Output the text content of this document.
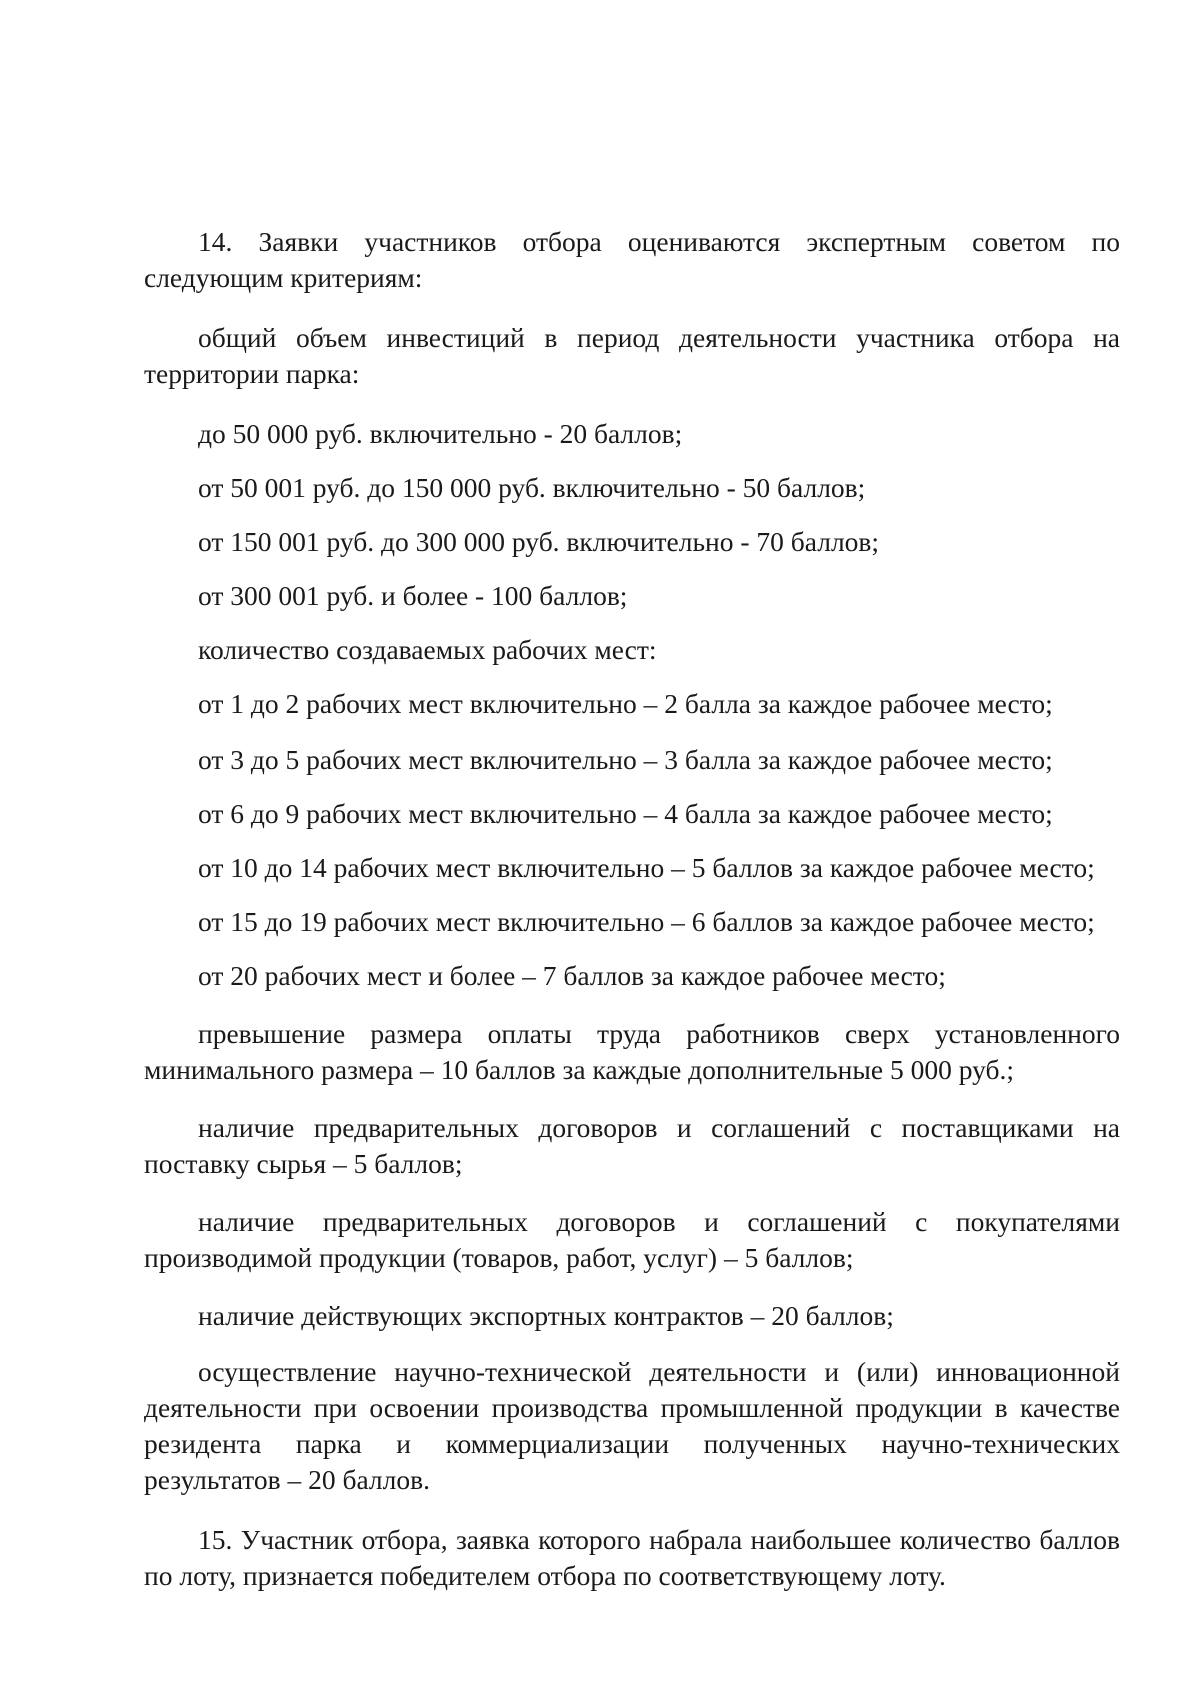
14. Заявки участников отбора оцениваются экспертным советом по следующим критериям:

общий объем инвестиций в период деятельности участника отбора на территории парка:

до 50 000 руб. включительно - 20 баллов;

от 50 001 руб. до 150 000 руб. включительно - 50 баллов;

от 150 001 руб. до 300 000 руб. включительно - 70 баллов;

от 300 001 руб. и более - 100 баллов;

количество создаваемых рабочих мест:

от 1 до 2 рабочих мест включительно – 2 балла за каждое рабочее место;

от 3 до 5 рабочих мест включительно – 3 балла за каждое рабочее место;

от 6 до 9 рабочих мест включительно – 4 балла за каждое рабочее место;

от 10 до 14 рабочих мест включительно – 5 баллов за каждое рабочее место;

от 15 до 19 рабочих мест включительно – 6 баллов за каждое рабочее место;

от 20 рабочих мест и более – 7 баллов за каждое рабочее место;

превышение размера оплаты труда работников сверх установленного минимального размера – 10 баллов за каждые дополнительные 5 000 руб.;

наличие предварительных договоров и соглашений с поставщиками на поставку сырья – 5 баллов;

наличие предварительных договоров и соглашений с покупателями производимой продукции (товаров, работ, услуг) – 5 баллов;

наличие действующих экспортных контрактов – 20 баллов;

осуществление научно-технической деятельности и (или) инновационной деятельности при освоении производства промышленной продукции в качестве резидента парка и коммерциализации полученных научно-технических результатов – 20 баллов.

15. Участник отбора, заявка которого набрала наибольшее количество баллов по лоту, признается победителем отбора по соответствующему лоту.
